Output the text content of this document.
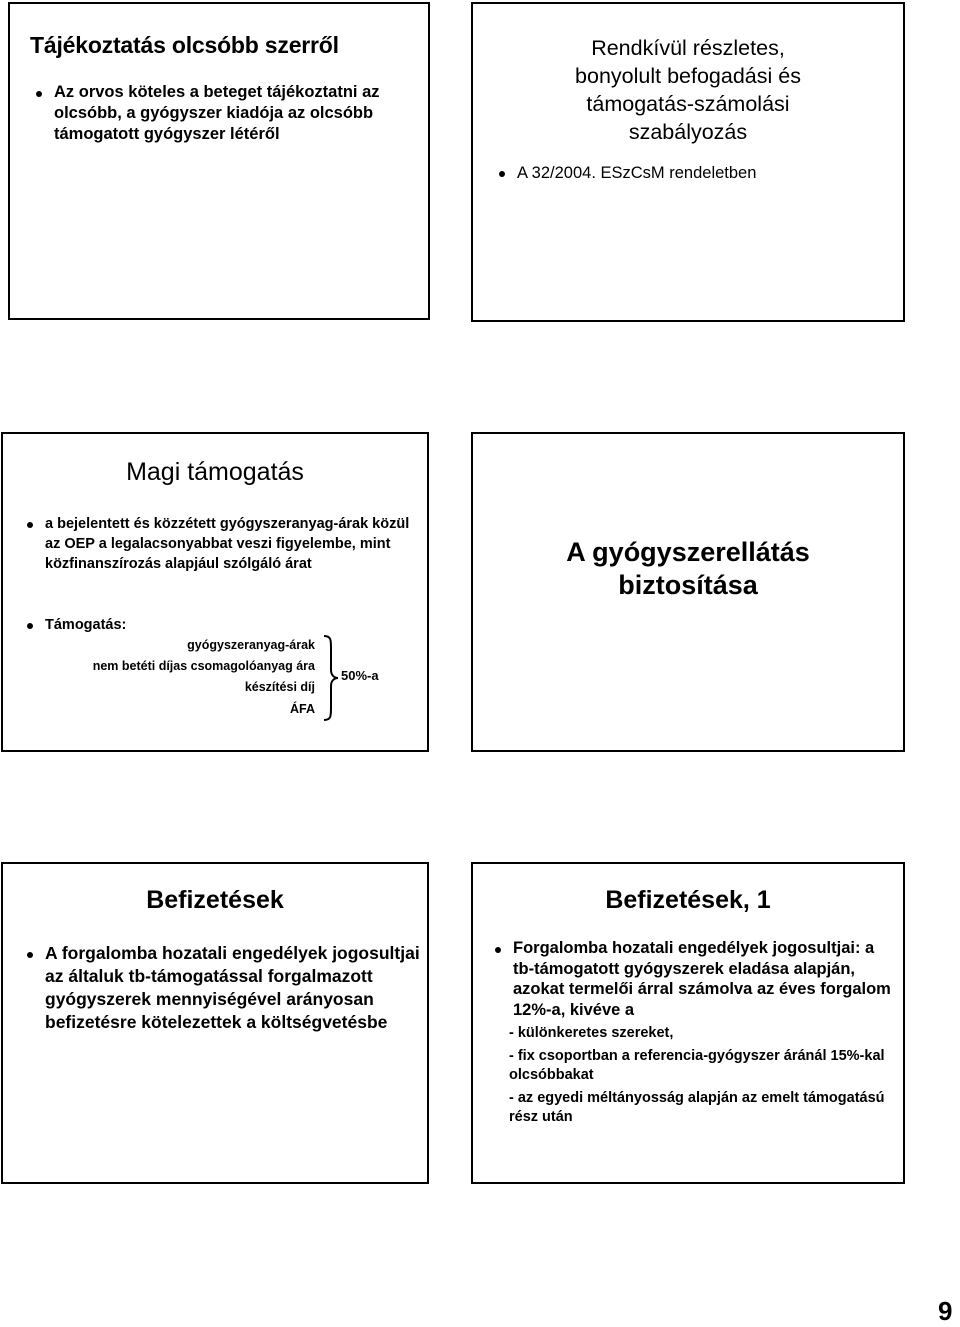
Tájékoztatás olcsóbb szerről

Az orvos köteles a beteget tájékoztatni az olcsóbb, a gyógyszer kiadója az olcsóbb támogatott gyógyszer létéről

Rendkívül részletes,
bonyolult befogadási és
támogatás-számolási
szabályozás

A 32/2004. ESzCsM rendeletben

Magi támogatás

a bejelentett és közzétett gyógyszeranyag-árak közül az OEP a legalacsonyabbat veszi figyelembe, mint közfinanszírozás alapjául szólgáló árat

Támogatás:

gyógyszeranyag-árak
nem betéti díjas csomagolóanyag ára
készítési díj
ÁFA
50%-a
A gyógyszerellátás
biztosítása
Befizetések

A forgalomba hozatali engedélyek jogosultjai az általuk tb-támogatással forgalmazott gyógyszerek mennyiségével arányosan befizetésre kötelezettek a költségvetésbe

Befizetések, 1

Forgalomba hozatali engedélyek jogosultjai: a tb-támogatott gyógyszerek eladása alapján, azokat termelői árral számolva az éves forgalom 12%-a, kivéve a

- különkeretes szereket,

- fix csoportban a referencia-gyógyszer áránál 15%-kal olcsóbbakat

- az egyedi méltányosság alapján az emelt támogatású rész után

9
